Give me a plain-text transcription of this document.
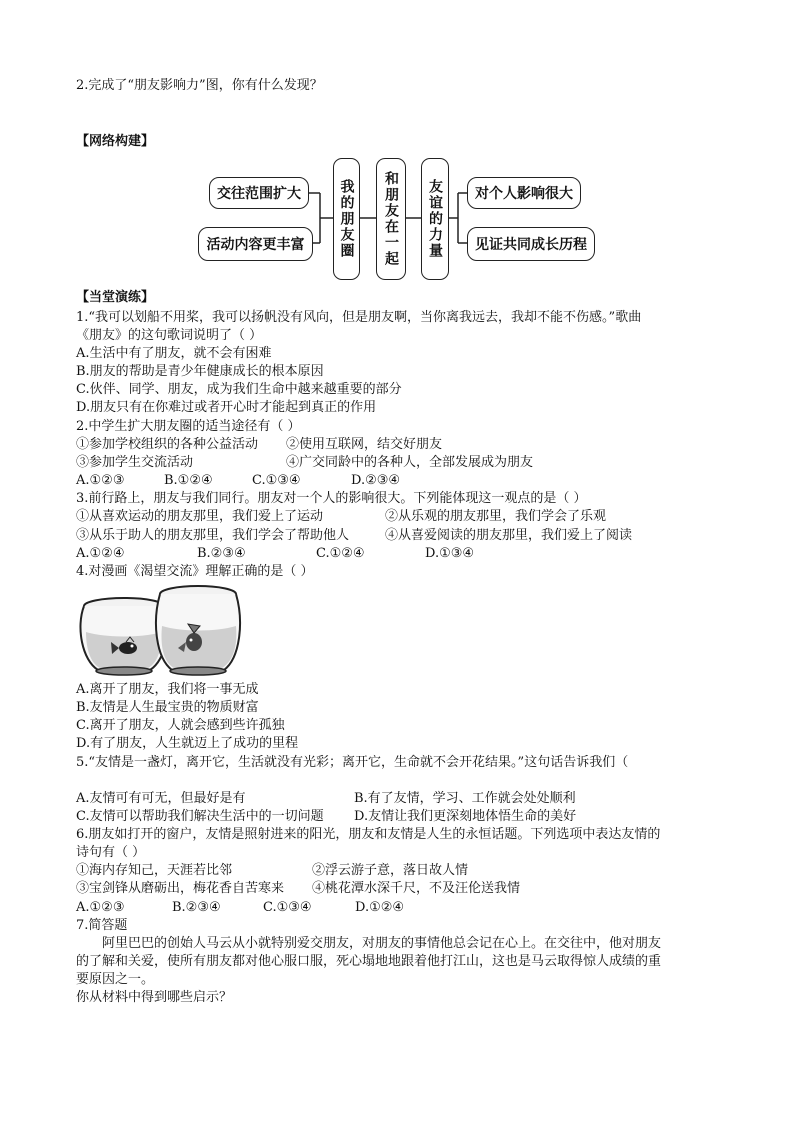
2.完成了“朋友影响力”图，你有什么发现？
【网络构建】
交往范围扩大
活动内容更丰富	我的朋友圈	和朋友在一起	友谊的力量	对个人影响很大
见证共同成长历程
【当堂演练】
1.“我可以划船不用桨，我可以扬帆没有风向，但是朋友啊，当你离我远去，我却不能不伤感。”歌曲
《朋友》的这句歌词说明了（ ）
A.生活中有了朋友，就不会有困难
B.朋友的帮助是青少年健康成长的根本原因
C.伙伴、同学、朋友，成为我们生命中越来越重要的部分
D.朋友只有在你难过或者开心时才能起到真正的作用
2.中学生扩大朋友圈的适当途径有（ ）
①参加学校组织的各种公益活动 ②使用互联网，结交好朋友
③参加学生交流活动	④广交同龄中的各种人，全部发展成为朋友
A.①②③	B.①②④	C.①③④	D.②③④
3.前行路上，朋友与我们同行。朋友对一个人的影响很大。下列能体现这一观点的是（ ）
①从喜欢运动的朋友那里，我们爱上了运动	②从乐观的朋友那里，我们学会了乐观
③从乐于助人的朋友那里，我们学会了帮助他人	④从喜爱阅读的朋友那里，我们爱上了阅读
A.①②④	B.②③④	C.①②④	D.①③④
4.对漫画《渴望交流》理解正确的是（ ）
A.离开了朋友，我们将一事无成
B.友情是人生最宝贵的物质财富
C.离开了朋友，人就会感到些许孤独
D.有了朋友，人生就迈上了成功的里程
5.“友情是一盏灯，离开它，生活就没有光彩；离开它，生命就不会开花结果。”这句话告诉我们（
A.友情可有可无，但最好是有	B.有了友情，学习、工作就会处处顺利
C.友情可以帮助我们解决生活中的一切问题 D.友情让我们更深刻地体悟生命的美好
6.朋友如打开的窗户，友情是照射进来的阳光，朋友和友情是人生的永恒话题。下列选项中表达友情的
诗句有（ ）
①海内存知己，天涯若比邻	②浮云游子意，落日故人情
③宝剑锋从磨砺出，梅花香自苦寒来 ④桃花潭水深千尺，不及汪伦送我情
A.①②③	B.②③④	C.①③④	D.①②④
7.简答题
阿里巴巴的创始人马云从小就特别爱交朋友，对朋友的事情他总会记在心上。在交往中，他对朋友
的了解和关爱，使所有朋友都对他心服口服，死心塌地地跟着他打江山，这也是马云取得惊人成绩的重
要原因之一。
你从材料中得到哪些启示？
